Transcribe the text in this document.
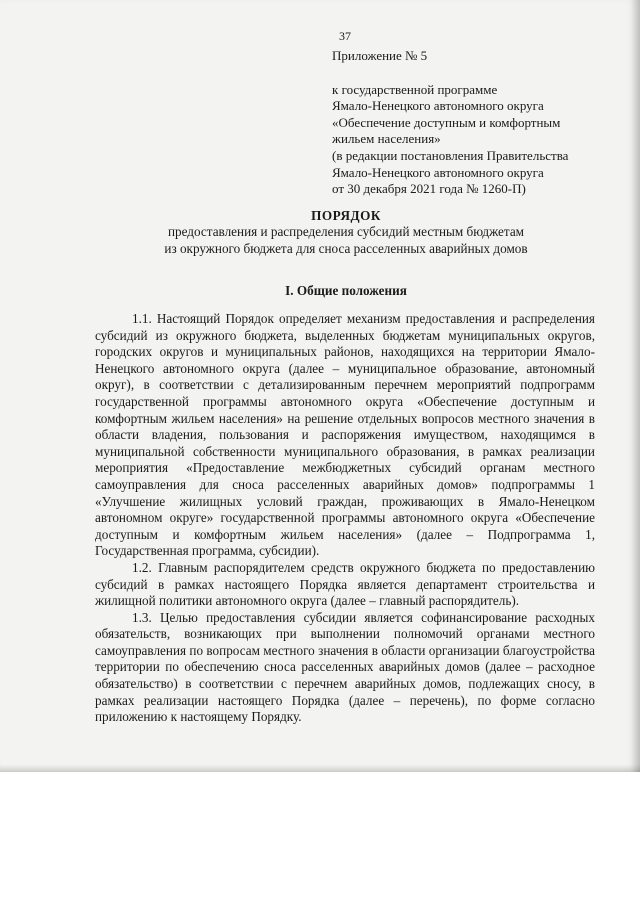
37
Приложение № 5
к государственной программе
Ямало-Ненецкого автономного округа
«Обеспечение доступным и комфортным
жильем населения»
(в редакции постановления Правительства
Ямало-Ненецкого автономного округа
от 30 декабря 2021 года № 1260-П)
ПОРЯДОК
предоставления и распределения субсидий местным бюджетам
из окружного бюджета для сноса расселенных аварийных домов
I. Общие положения

1.1. Настоящий Порядок определяет механизм предоставления и распределения субсидий из окружного бюджета, выделенных бюджетам муниципальных округов, городских округов и муниципальных районов, находящихся на территории Ямало-Ненецкого автономного округа (далее – муниципальное образование, автономный округ), в соответствии с детализированным перечнем мероприятий подпрограмм государственной программы автономного округа «Обеспечение доступным и комфортным жильем населения» на решение отдельных вопросов местного значения в области владения, пользования и распоряжения имуществом, находящимся в муниципальной собственности муниципального образования, в рамках реализации мероприятия «Предоставление межбюджетных субсидий органам местного самоуправления для сноса расселенных аварийных домов» подпрограммы 1 «Улучшение жилищных условий граждан, проживающих в Ямало-Ненецком автономном округе» государственной программы автономного округа «Обеспечение доступным и комфортным жильем населения» (далее – Подпрограмма 1, Государственная программа, субсидии).

1.2. Главным распорядителем средств окружного бюджета по предоставлению субсидий в рамках настоящего Порядка является департамент строительства и жилищной политики автономного округа (далее – главный распорядитель).

1.3. Целью предоставления субсидии является софинансирование расходных обязательств, возникающих при выполнении полномочий органами местного самоуправления по вопросам местного значения в области организации благоустройства территории по обеспечению сноса расселенных аварийных домов (далее – расходное обязательство) в соответствии с перечнем аварийных домов, подлежащих сносу, в рамках реализации настоящего Порядка (далее – перечень), по форме согласно приложению к настоящему Порядку.
